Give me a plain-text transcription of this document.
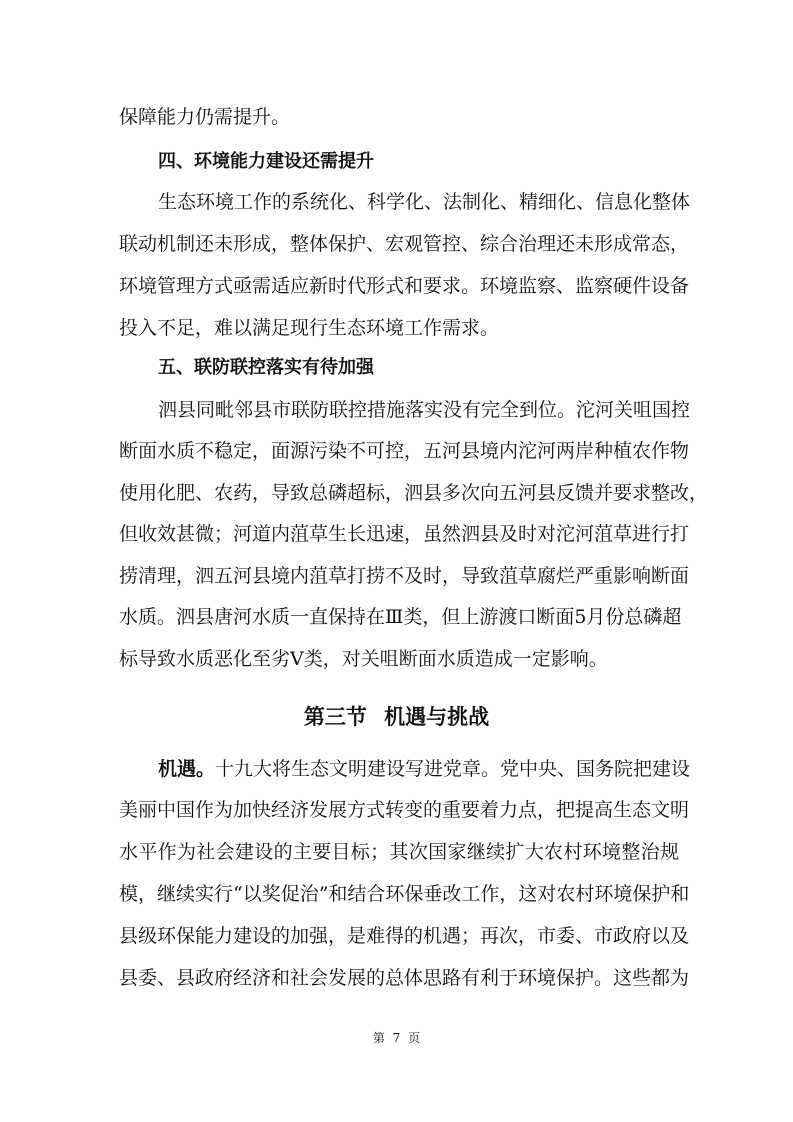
保障能力仍需提升。
四、环境能力建设还需提升
生态环境工作的系统化、科学化、法制化、精细化、信息化整体
联动机制还未形成，整体保护、宏观管控、综合治理还未形成常态，
环境管理方式亟需适应新时代形式和要求。环境监察、监察硬件设备
投入不足，难以满足现行生态环境工作需求。
五、联防联控落实有待加强
泗县同毗邻县市联防联控措施落实没有完全到位。沱河关咀国控
断面水质不稳定，面源污染不可控，五河县境内沱河两岸种植农作物
使用化肥、农药，导致总磷超标，泗县多次向五河县反馈并要求整改，
但收效甚微；河道内菹草生长迅速，虽然泗县及时对沱河菹草进行打
捞清理，泗五河县境内菹草打捞不及时，导致菹草腐烂严重影响断面
水质。泗县唐河水质一直保持在Ⅲ类，但上游渡口断面5月份总磷超
标导致水质恶化至劣Ⅴ类，对关咀断面水质造成一定影响。
第三节 机遇与挑战
机遇。十九大将生态文明建设写进党章。党中央、国务院把建设
美丽中国作为加快经济发展方式转变的重要着力点，把提高生态文明
水平作为社会建设的主要目标；其次国家继续扩大农村环境整治规
模，继续实行“以奖促治”和结合环保垂改工作，这对农村环境保护和
县级环保能力建设的加强，是难得的机遇；再次，市委、市政府以及
县委、县政府经济和社会发展的总体思路有利于环境保护。这些都为
第 7 页
